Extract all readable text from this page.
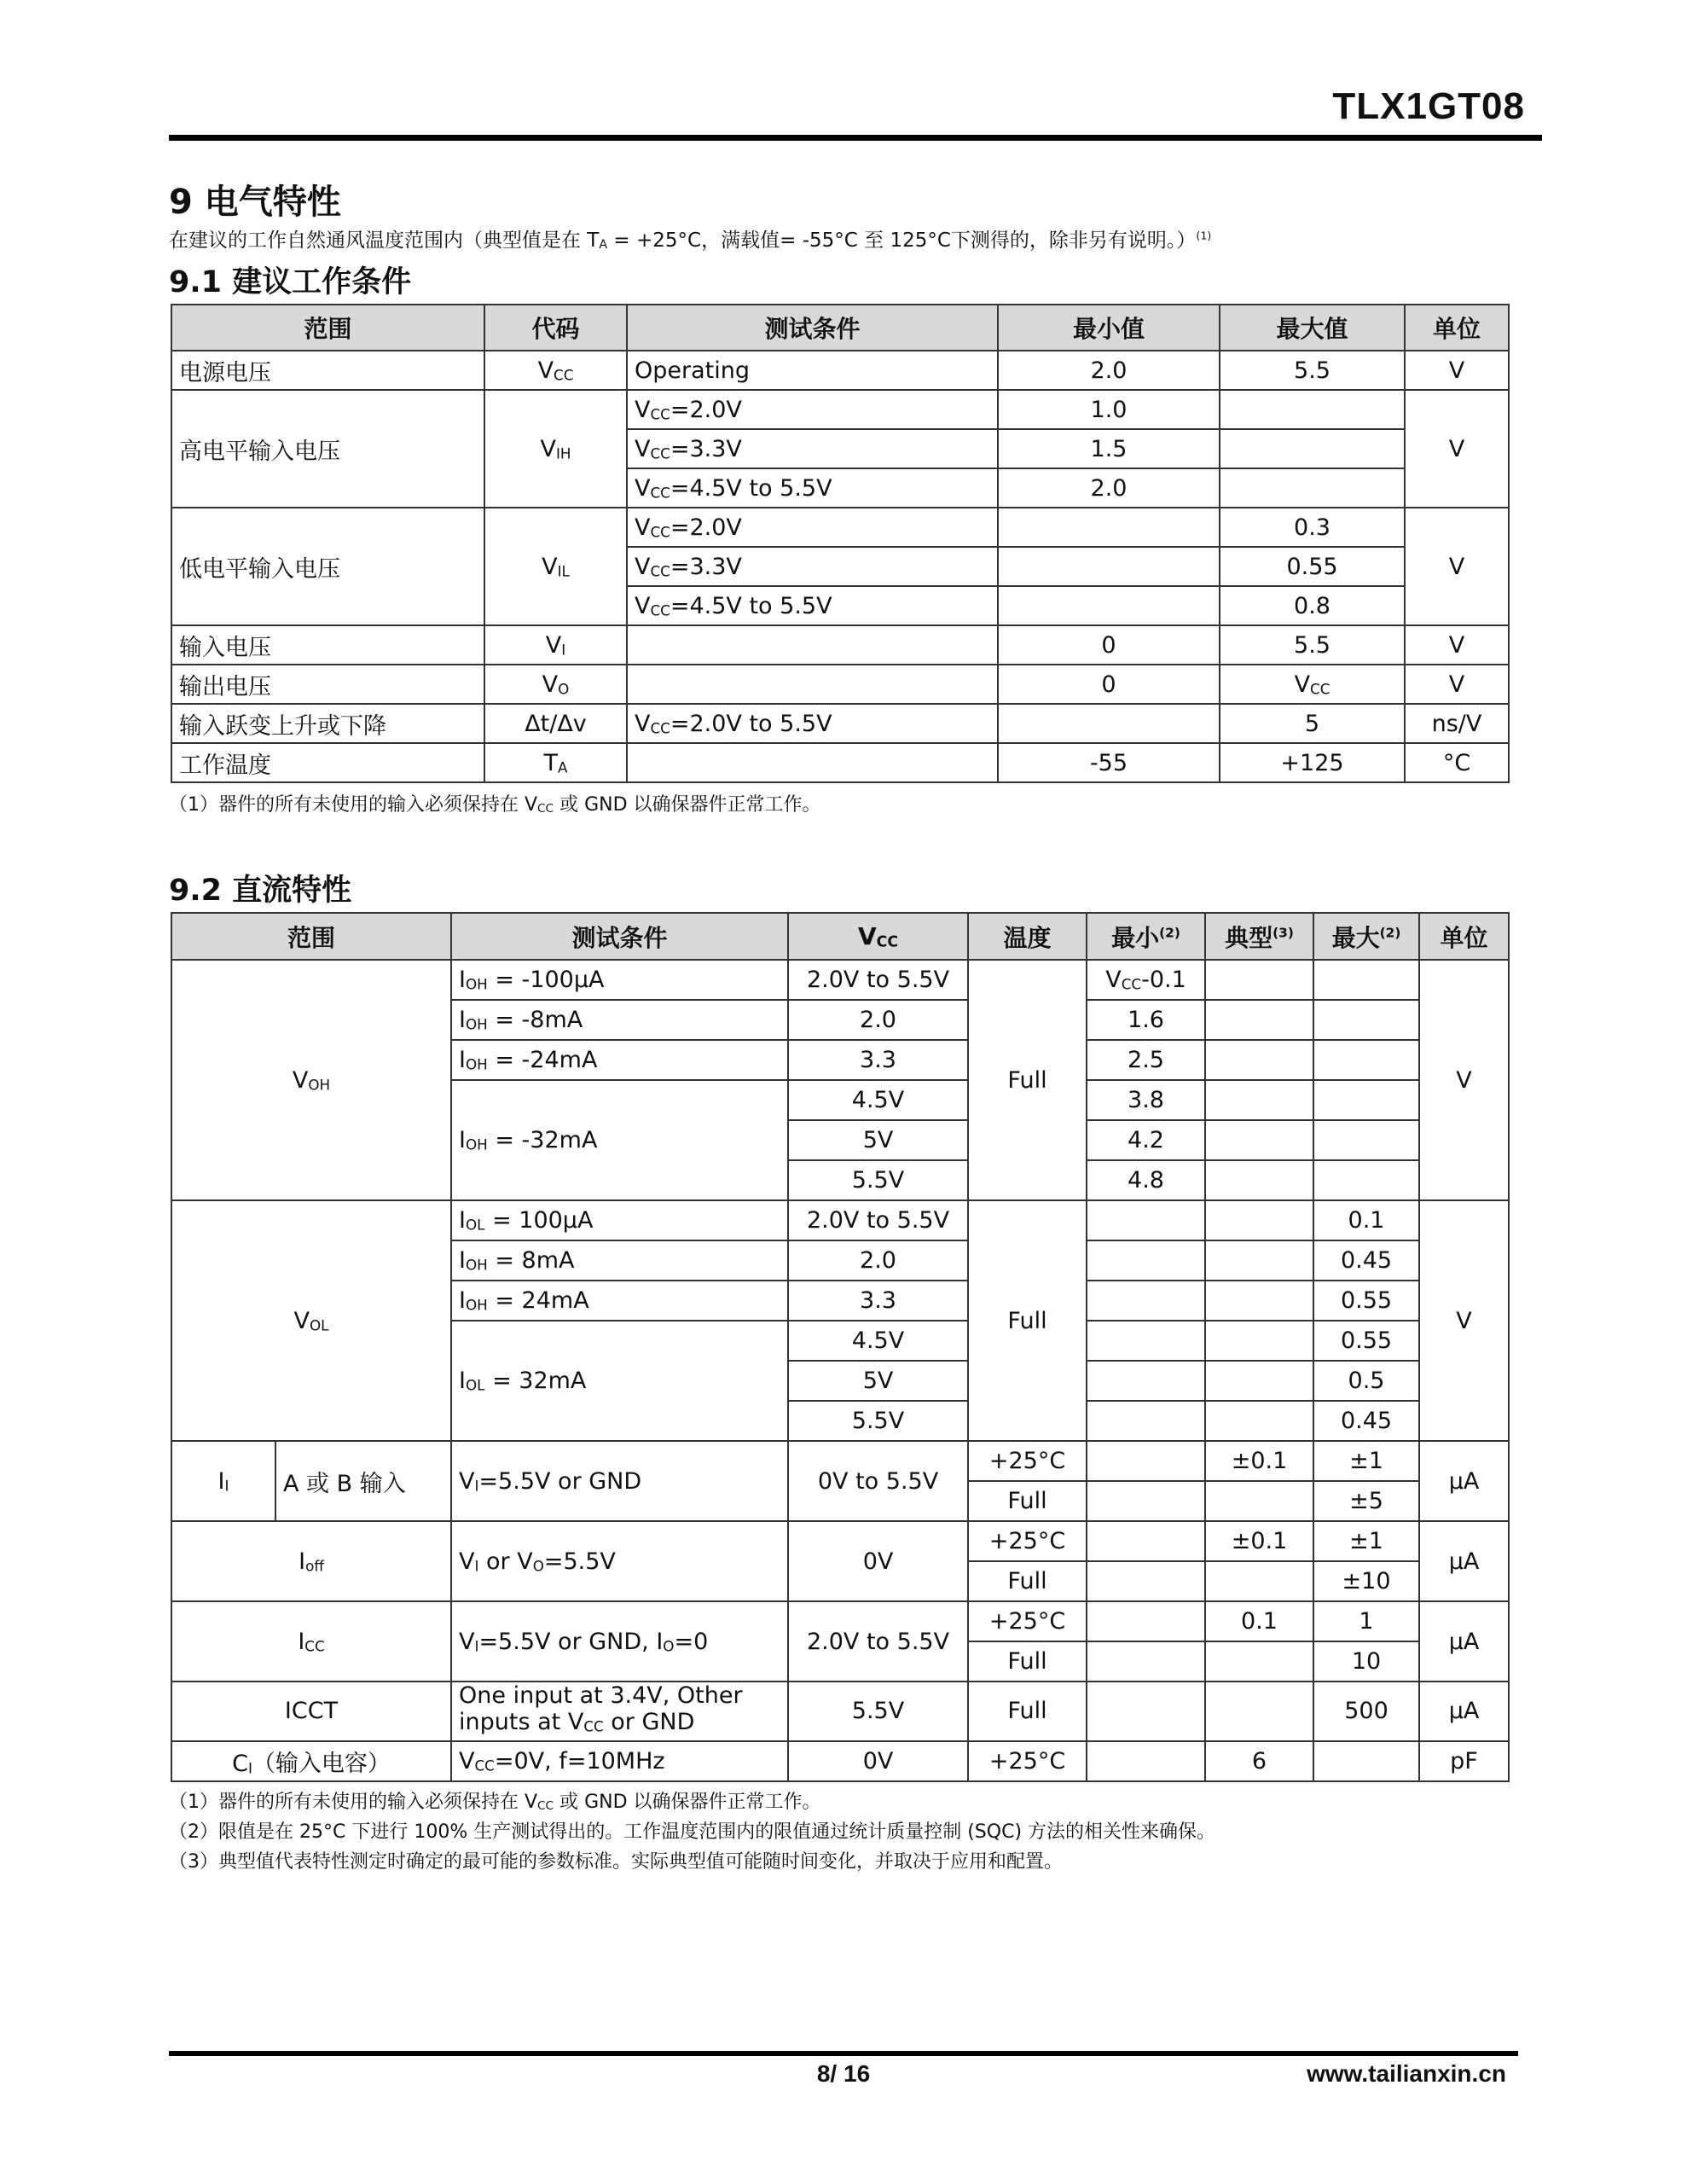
TLX1GT08
9 电气特性
在建议的工作自然通风温度范围内（典型值是在 $T_A = +25^\circ C$，满载值= -55°C 至 125°C下测得的，除非另有说明。）$^{(1)}$
9.1 建议工作条件
范围	代码	测试条件	最小值	最大值	单位
电源电压	$V_{CC}$	Operating	2.0	5.5	V
高电平输入电压	$V_{IH}$	$V_{CC}=2.0V$	1.0		V
		$V_{CC}=3.3V$	1.5		
		$V_{CC}=4.5V$ to 5.5V	2.0		
低电平输入电压	$V_{IL}$	$V_{CC}=2.0V$		0.3	V
		$V_{CC}=3.3V$		0.55	
		$V_{CC}=4.5V$ to 5.5V		0.8	
输入电压	$V_I$		0	5.5	V
输出电压	$V_O$		0	$V_{CC}$	V
输入跃变上升或下降	Δt/Δv	$V_{CC}=2.0V$ to 5.5V		5	ns/V
工作温度	$T_A$		-55	+125	°C
（1）器件的所有未使用的输入必须保持在 $V_{CC}$ 或 GND 以确保器件正常工作。
9.2 直流特性
范围		测试条件	$V_{CC}$	温度	最小$^{(2)}$	典型$^{(3)}$	最大$^{(2)}$	单位
$V_{OH}$		$I_{OH} = -100\mu A$	2.0V to 5.5V	Full	$V_{CC}-0.1$			V
		$I_{OH} = -8mA$	2.0		1.6			
		$I_{OH} = -24mA$	3.3		2.5			
		$I_{OH} = -32mA$	4.5V		3.8			
			5V		4.2			
			5.5V		4.8			
$V_{OL}$		$I_{OL} = 100\mu A$	2.0V to 5.5V	Full			0.1	V
		$I_{OH} = 8mA$	2.0				0.45	
		$I_{OH} = 24mA$	3.3				0.55	
		$I_{OL} = 32mA$	4.5V				0.55	
			5V				0.5	
			5.5V				0.45	
$I_I$	A 或 B 输入	$V_I=5.5V$ or GND	0V to 5.5V	+25°C		±0.1	±1	μA
				Full			±5	
$I_{off}$		$V_I$ or $V_O=5.5V$	0V	+25°C		±0.1	±1	μA
				Full			±10	
$I_{CC}$		$V_I=5.5V$ or GND, $I_O=0$	2.0V to 5.5V	+25°C		0.1	1	μA
				Full			10	
ICCT		One input at 3.4V, Other
inputs at $V_{CC}$ or GND	5.5V	Full			500	μA
$C_I$（输入电容）		$V_{CC}=0V$, f=10MHz	0V	+25°C		6		pF
（1）器件的所有未使用的输入必须保持在 $V_{CC}$ 或 GND 以确保器件正常工作。
（2）限值是在 25°C 下进行 100% 生产测试得出的。工作温度范围内的限值通过统计质量控制 (SQC) 方法的相关性来确保。
（3）典型值代表特性测定时确定的最可能的参数标准。实际典型值可能随时间变化，并取决于应用和配置。
8/ 16	www.tailianxin.cn
